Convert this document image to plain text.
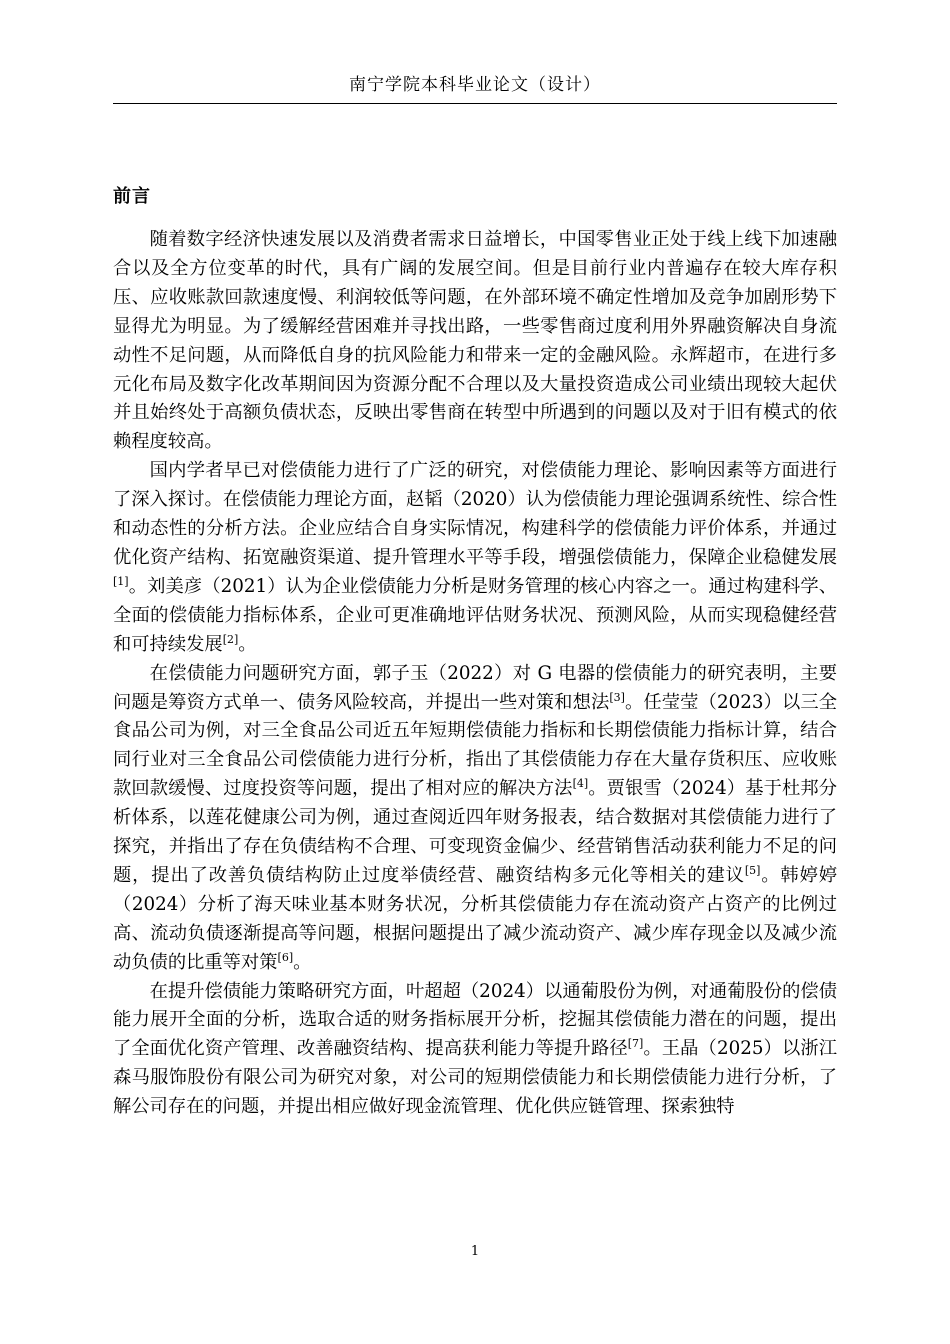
南宁学院本科毕业论文（设计）
前言

随着数字经济快速发展以及消费者需求日益增长，中国零售业正处于线上线下加速融合以及全方位变革的时代，具有广阔的发展空间。但是目前行业内普遍存在较大库存积压、应收账款回款速度慢、利润较低等问题，在外部环境不确定性增加及竞争加剧形势下显得尤为明显。为了缓解经营困难并寻找出路，一些零售商过度利用外界融资解决自身流动性不足问题，从而降低自身的抗风险能力和带来一定的金融风险。永辉超市，在进行多元化布局及数字化改革期间因为资源分配不合理以及大量投资造成公司业绩出现较大起伏并且始终处于高额负债状态，反映出零售商在转型中所遇到的问题以及对于旧有模式的依赖程度较高。

国内学者早已对偿债能力进行了广泛的研究，对偿债能力理论、影响因素等方面进行了深入探讨。在偿债能力理论方面，赵韬（2020）认为偿债能力理论强调系统性、综合性和动态性的分析方法。企业应结合自身实际情况，构建科学的偿债能力评价体系，并通过优化资产结构、拓宽融资渠道、提升管理水平等手段，增强偿债能力，保障企业稳健发展[1]。刘美彦（2021）认为企业偿债能力分析是财务管理的核心内容之一。通过构建科学、全面的偿债能力指标体系，企业可更准确地评估财务状况、预测风险，从而实现稳健经营和可持续发展[2]。

在偿债能力问题研究方面，郭子玉（2022）对 G 电器的偿债能力的研究表明，主要问题是筹资方式单一、债务风险较高，并提出一些对策和想法[3]。任莹莹（2023）以三全食品公司为例，对三全食品公司近五年短期偿债能力指标和长期偿债能力指标计算，结合同行业对三全食品公司偿债能力进行分析，指出了其偿债能力存在大量存货积压、应收账款回款缓慢、过度投资等问题，提出了相对应的解决方法[4]。贾银雪（2024）基于杜邦分析体系，以莲花健康公司为例，通过查阅近四年财务报表，结合数据对其偿债能力进行了探究，并指出了存在负债结构不合理、可变现资金偏少、经营销售活动获利能力不足的问题，提出了改善负债结构防止过度举债经营、融资结构多元化等相关的建议[5]。韩婷婷（2024）分析了海天味业基本财务状况，分析其偿债能力存在流动资产占资产的比例过高、流动负债逐渐提高等问题，根据问题提出了减少流动资产、减少库存现金以及减少流动负债的比重等对策[6]。

在提升偿债能力策略研究方面，叶超超（2024）以通葡股份为例，对通葡股份的偿债能力展开全面的分析，选取合适的财务指标展开分析，挖掘其偿债能力潜在的问题，提出了全面优化资产管理、改善融资结构、提高获利能力等提升路径[7]。王晶（2025）以浙江森马服饰股份有限公司为研究对象，对公司的短期偿债能力和长期偿债能力进行分析，了解公司存在的问题，并提出相应做好现金流管理、优化供应链管理、探索独特

1
